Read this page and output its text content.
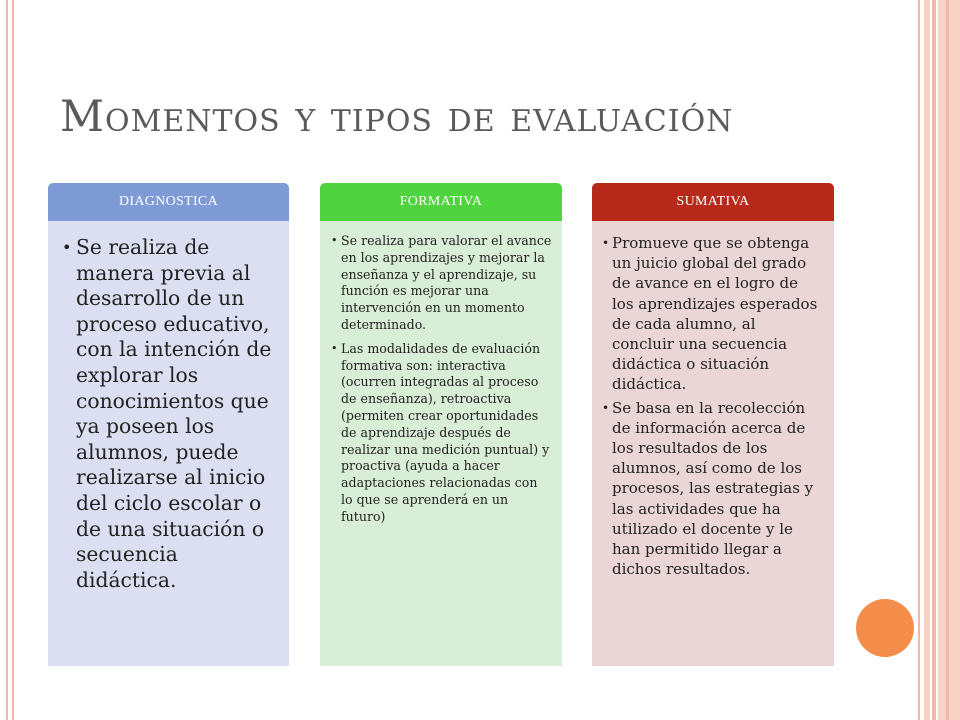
Momentos y tipos de evaluación
DIAGNOSTICA
• Se realiza de manera previa al desarrollo de un proceso educativo, con la intención de explorar los conocimientos que ya poseen los alumnos, puede realizarse al inicio del ciclo escolar o de una situación o secuencia didáctica.
FORMATIVA
• Se realiza para valorar el avance en los aprendizajes y mejorar la enseñanza y el aprendizaje, su función es mejorar una intervención en un momento determinado.
• Las modalidades de evaluación formativa son: interactiva (ocurren integradas al proceso de enseñanza), retroactiva (permiten crear oportunidades de aprendizaje después de realizar una medición puntual) y proactiva (ayuda a hacer adaptaciones relacionadas con lo que se aprenderá en un futuro)
SUMATIVA
• Promueve que se obtenga un juicio global del grado de avance en el logro de los aprendizajes esperados de cada alumno, al concluir una secuencia didáctica o situación didáctica.
• Se basa en la recolección de información acerca de los resultados de los alumnos, así como de los procesos, las estrategias y las actividades que ha utilizado el docente y le han permitido llegar a dichos resultados.
